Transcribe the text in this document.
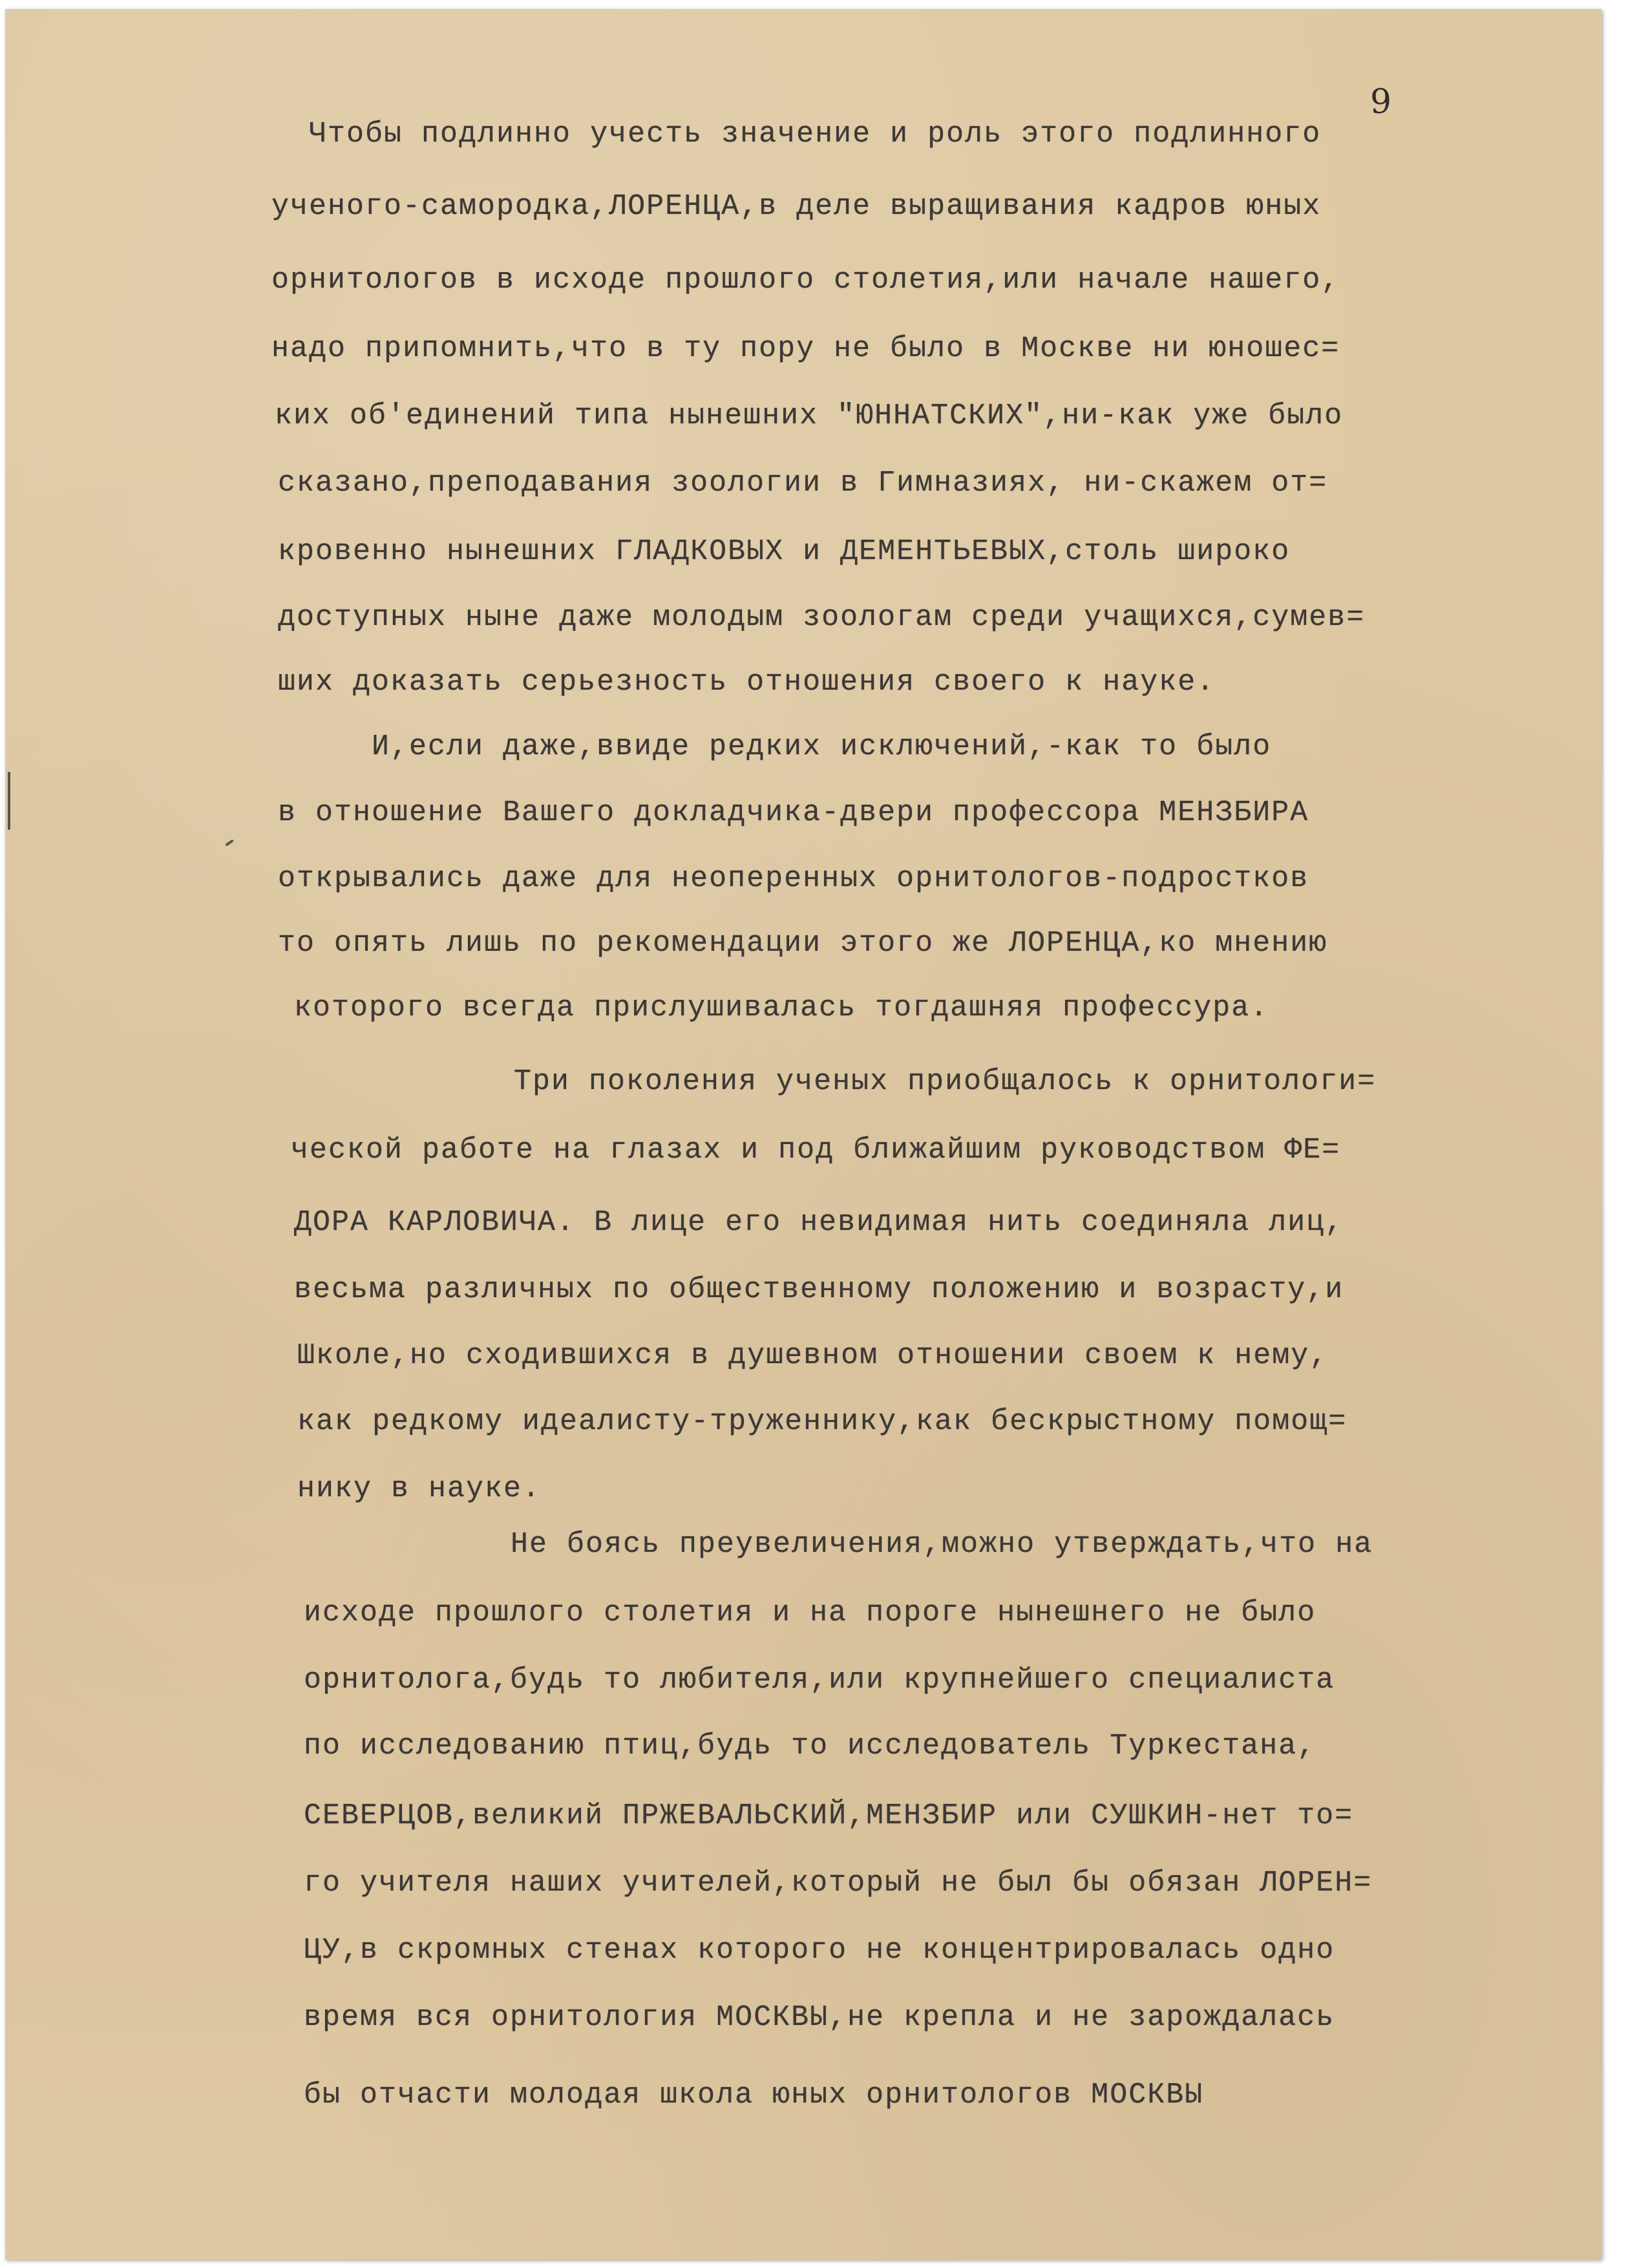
9
Чтобы подлинно учесть значение и роль этого подлинного
ученого-самородка,ЛОРЕНЦА,в деле выращивания кадров юных
орнитологов в исходе прошлого столетия,или начале нашего,
надо припомнить,что в ту пору не было в Москве ни юношес=
ких об'единений типа нынешних "ЮННАТСКИХ",ни-как уже было
сказано,преподавания зоологии в Гимназиях, ни-скажем от=
кровенно нынешних ГЛАДКОВЫХ и ДЕМЕНТЬЕВЫХ,столь широко
доступных ныне даже молодым зоологам среди учащихся,сумев=
ших доказать серьезность отношения своего к науке.
И,если даже,ввиде редких исключений,-как то было
в отношение Вашего докладчика-двери профессора МЕНЗБИРА
открывались даже для неоперенных орнитологов-подростков
то опять лишь по рекомендации этого же ЛОРЕНЦА,ко мнению
которого всегда прислушивалась тогдашняя профессура.
Три поколения ученых приобщалось к орнитологи=
ческой работе на глазах и под ближайшим руководством ФЕ=
ДОРА КАРЛОВИЧА. В лице его невидимая нить соединяла лиц,
весьма различных по общественному положению и возрасту,и
Школе,но сходившихся в душевном отношении своем к нему,
как редкому идеалисту-труженнику,как бескрыстному помощ=
нику в науке.
Не боясь преувеличения,можно утверждать,что на
исходе прошлого столетия и на пороге нынешнего не было
орнитолога,будь то любителя,или крупнейшего специалиста
по исследованию птиц,будь то исследователь Туркестана,
СЕВЕРЦОВ,великий ПРЖЕВАЛЬСКИЙ,МЕНЗБИР или СУШКИН-нет то=
го учителя наших учителей,который не был бы обязан ЛОРЕН=
ЦУ,в скромных стенах которого не концентрировалась одно
время вся орнитология МОСКВЫ,не крепла и не зарождалась
бы отчасти молодая школа юных орнитологов МОСКВЫ
